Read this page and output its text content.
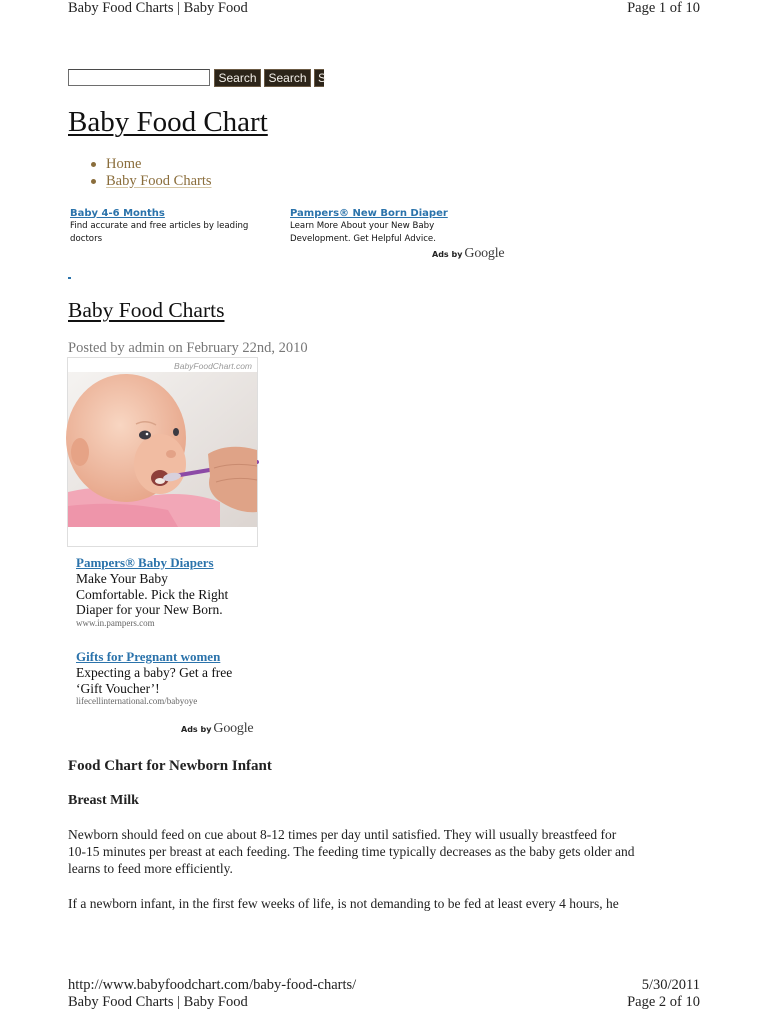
Baby Food Charts | Baby Food	Page 1 of 10
Search Search S
Baby Food Chart
Home
Baby Food Charts
Baby 4-6 Months
Find accurate and free articles by leading
doctors
Pampers® New Born Diaper
Learn More About your New Baby
Development. Get Helpful Advice.
Ads by Google
Baby Food Charts
Posted by admin on February 22nd, 2010
BabyFoodChart.com
Pampers® Baby Diapers
Make Your Baby
Comfortable. Pick the Right
Diaper for your New Born.
www.in.pampers.com
Gifts for Pregnant women
Expecting a baby? Get a free
‘Gift Voucher’!
lifecellinternational.com/babyoye
Ads by Google
Food Chart for Newborn Infant
Breast Milk
Newborn should feed on cue about 8-12 times per day until satisfied. They will usually breastfeed for
10-15 minutes per breast at each feeding. The feeding time typically decreases as the baby gets older and
learns to feed more efficiently.
If a newborn infant, in the first few weeks of life, is not demanding to be fed at least every 4 hours, he
http://www.babyfoodchart.com/baby-food-charts/	5/30/2011
Baby Food Charts | Baby Food	Page 2 of 10
